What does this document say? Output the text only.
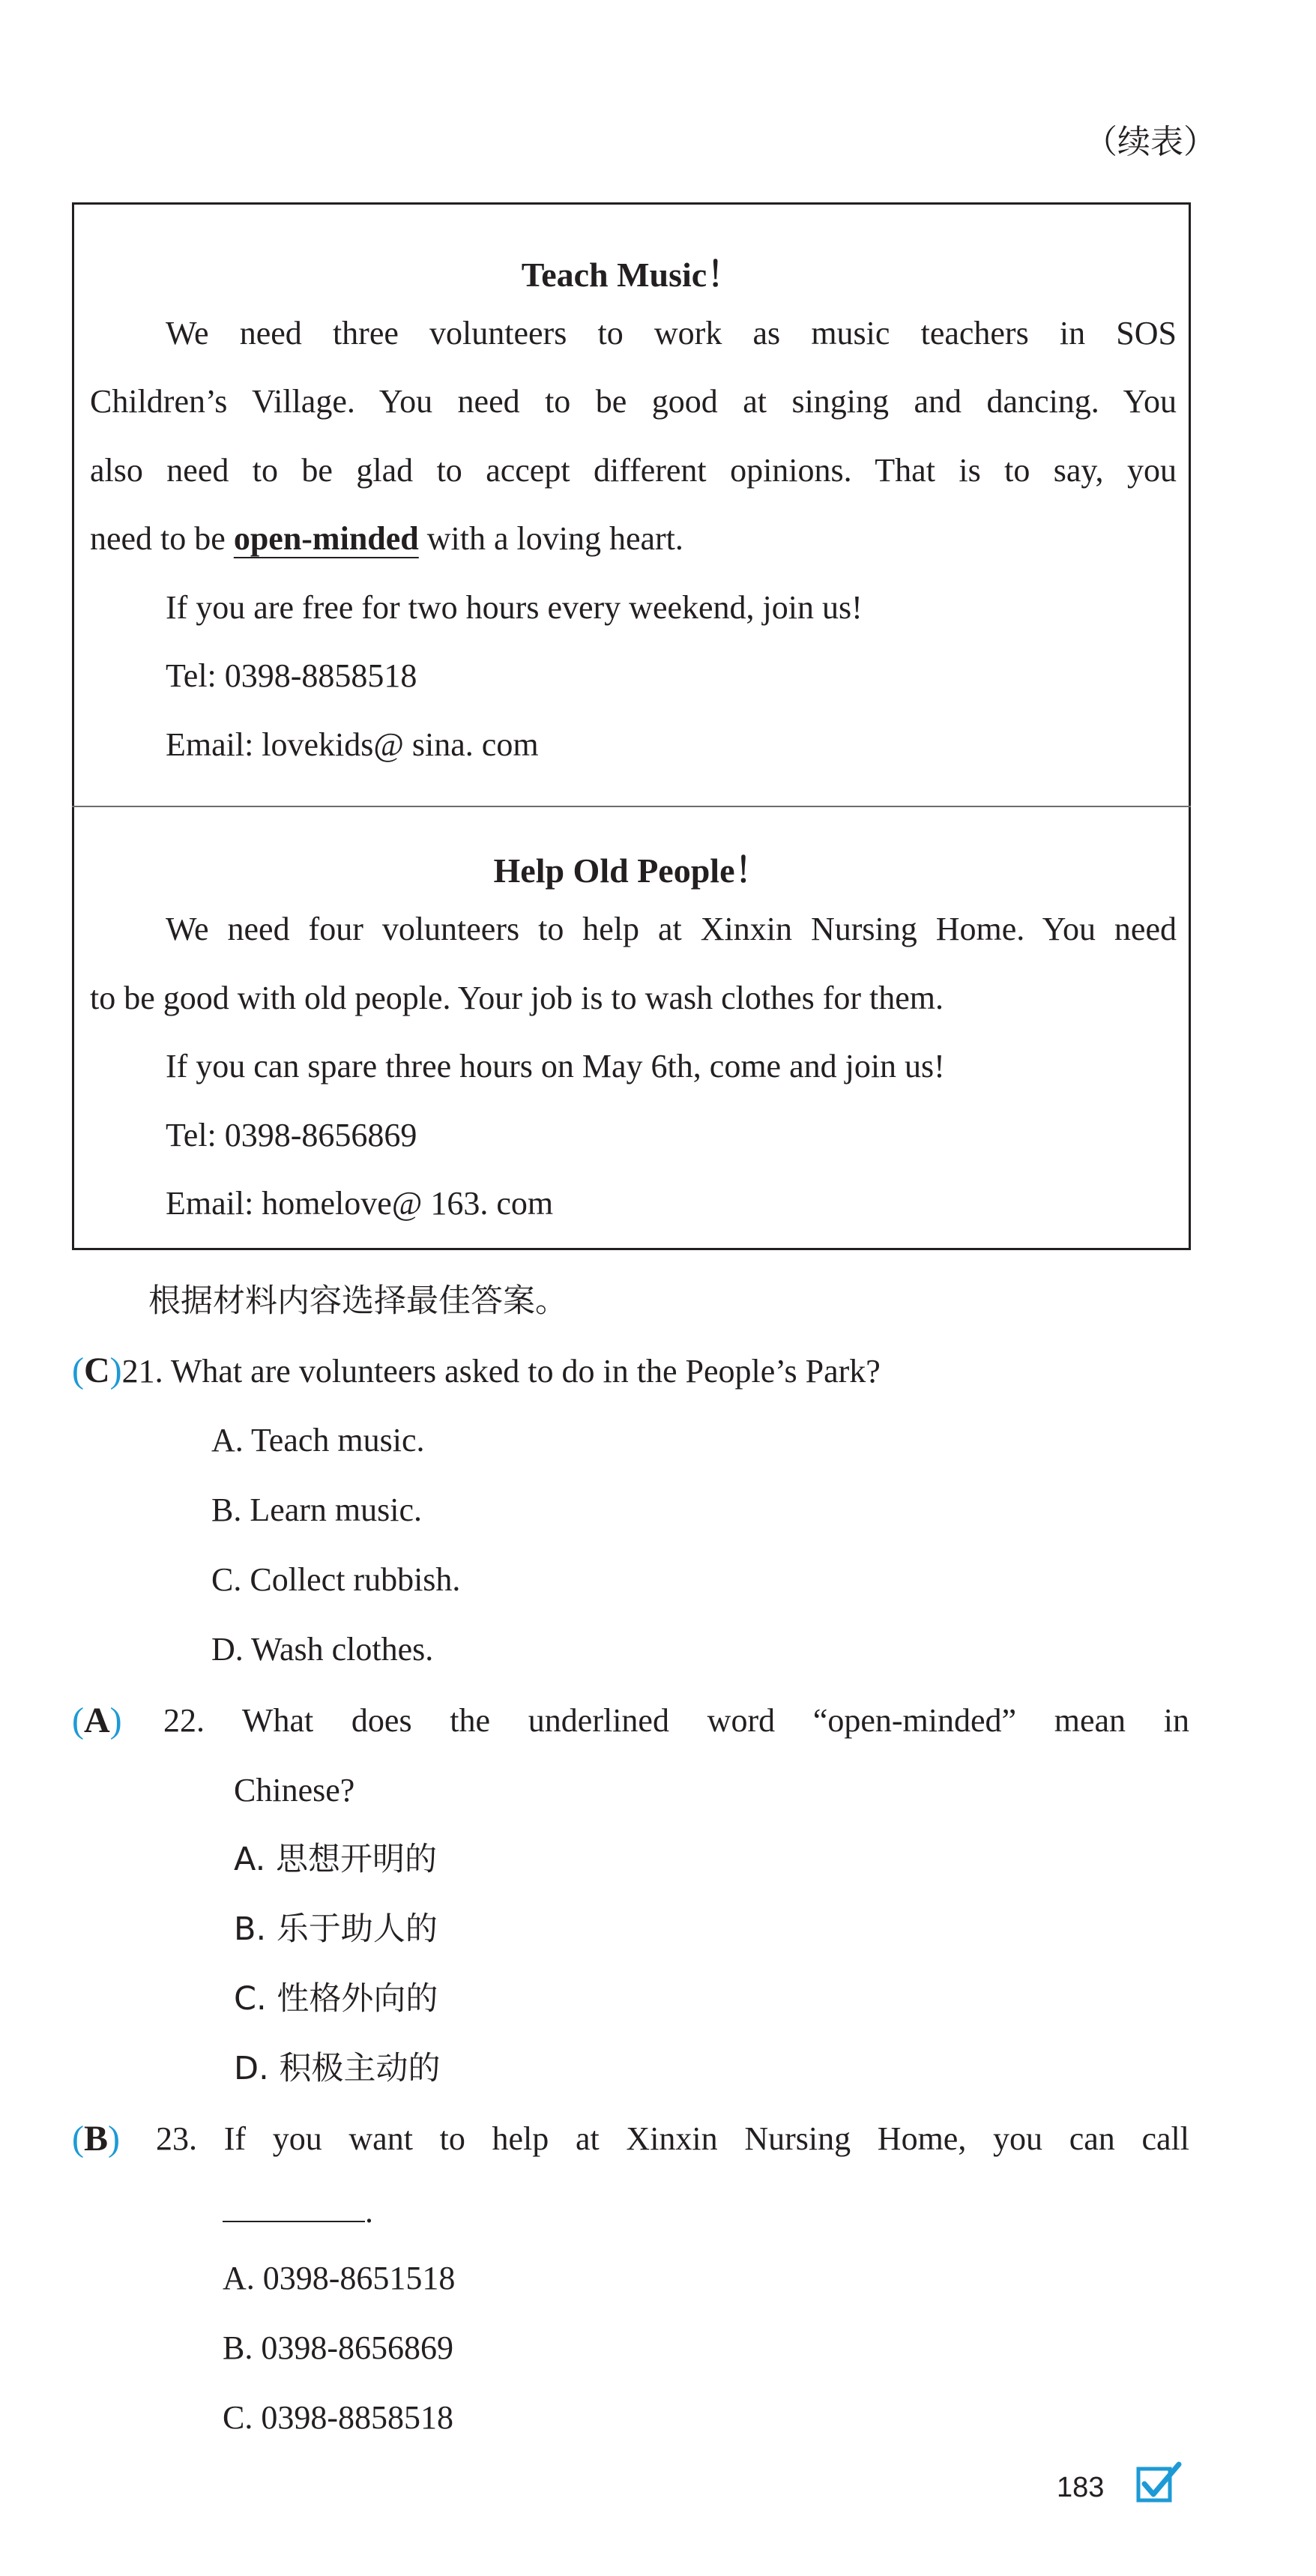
（续表）
Teach Music！
We need three volunteers to work as music teachers in SOS
Children’s Village. You need to be good at singing and dancing. You
also need to be glad to accept different opinions. That is to say, you
need to be open-minded with a loving heart.
If you are free for two hours every weekend, join us!
Tel: 0398-8858518
Email: lovekids@ sina. com
Help Old People！
We need four volunteers to help at Xinxin Nursing Home. You need
to be good with old people. Your job is to wash clothes for them.
If you can spare three hours on May 6th, come and join us!
Tel: 0398-8656869
Email: homelove@ 163. com
根据材料内容选择最佳答案。
(C)21. What are volunteers asked to do in the People’s Park?
A. Teach music.
B. Learn music.
C. Collect rubbish.
D. Wash clothes.
(A) 22. What does the underlined word “open-minded” mean in
Chinese?
A. 思想开明的
B. 乐于助人的
C. 性格外向的
D. 积极主动的
(B) 23. If you want to help at Xinxin Nursing Home, you can call
.
A. 0398-8651518
B. 0398-8656869
C. 0398-8858518
183
